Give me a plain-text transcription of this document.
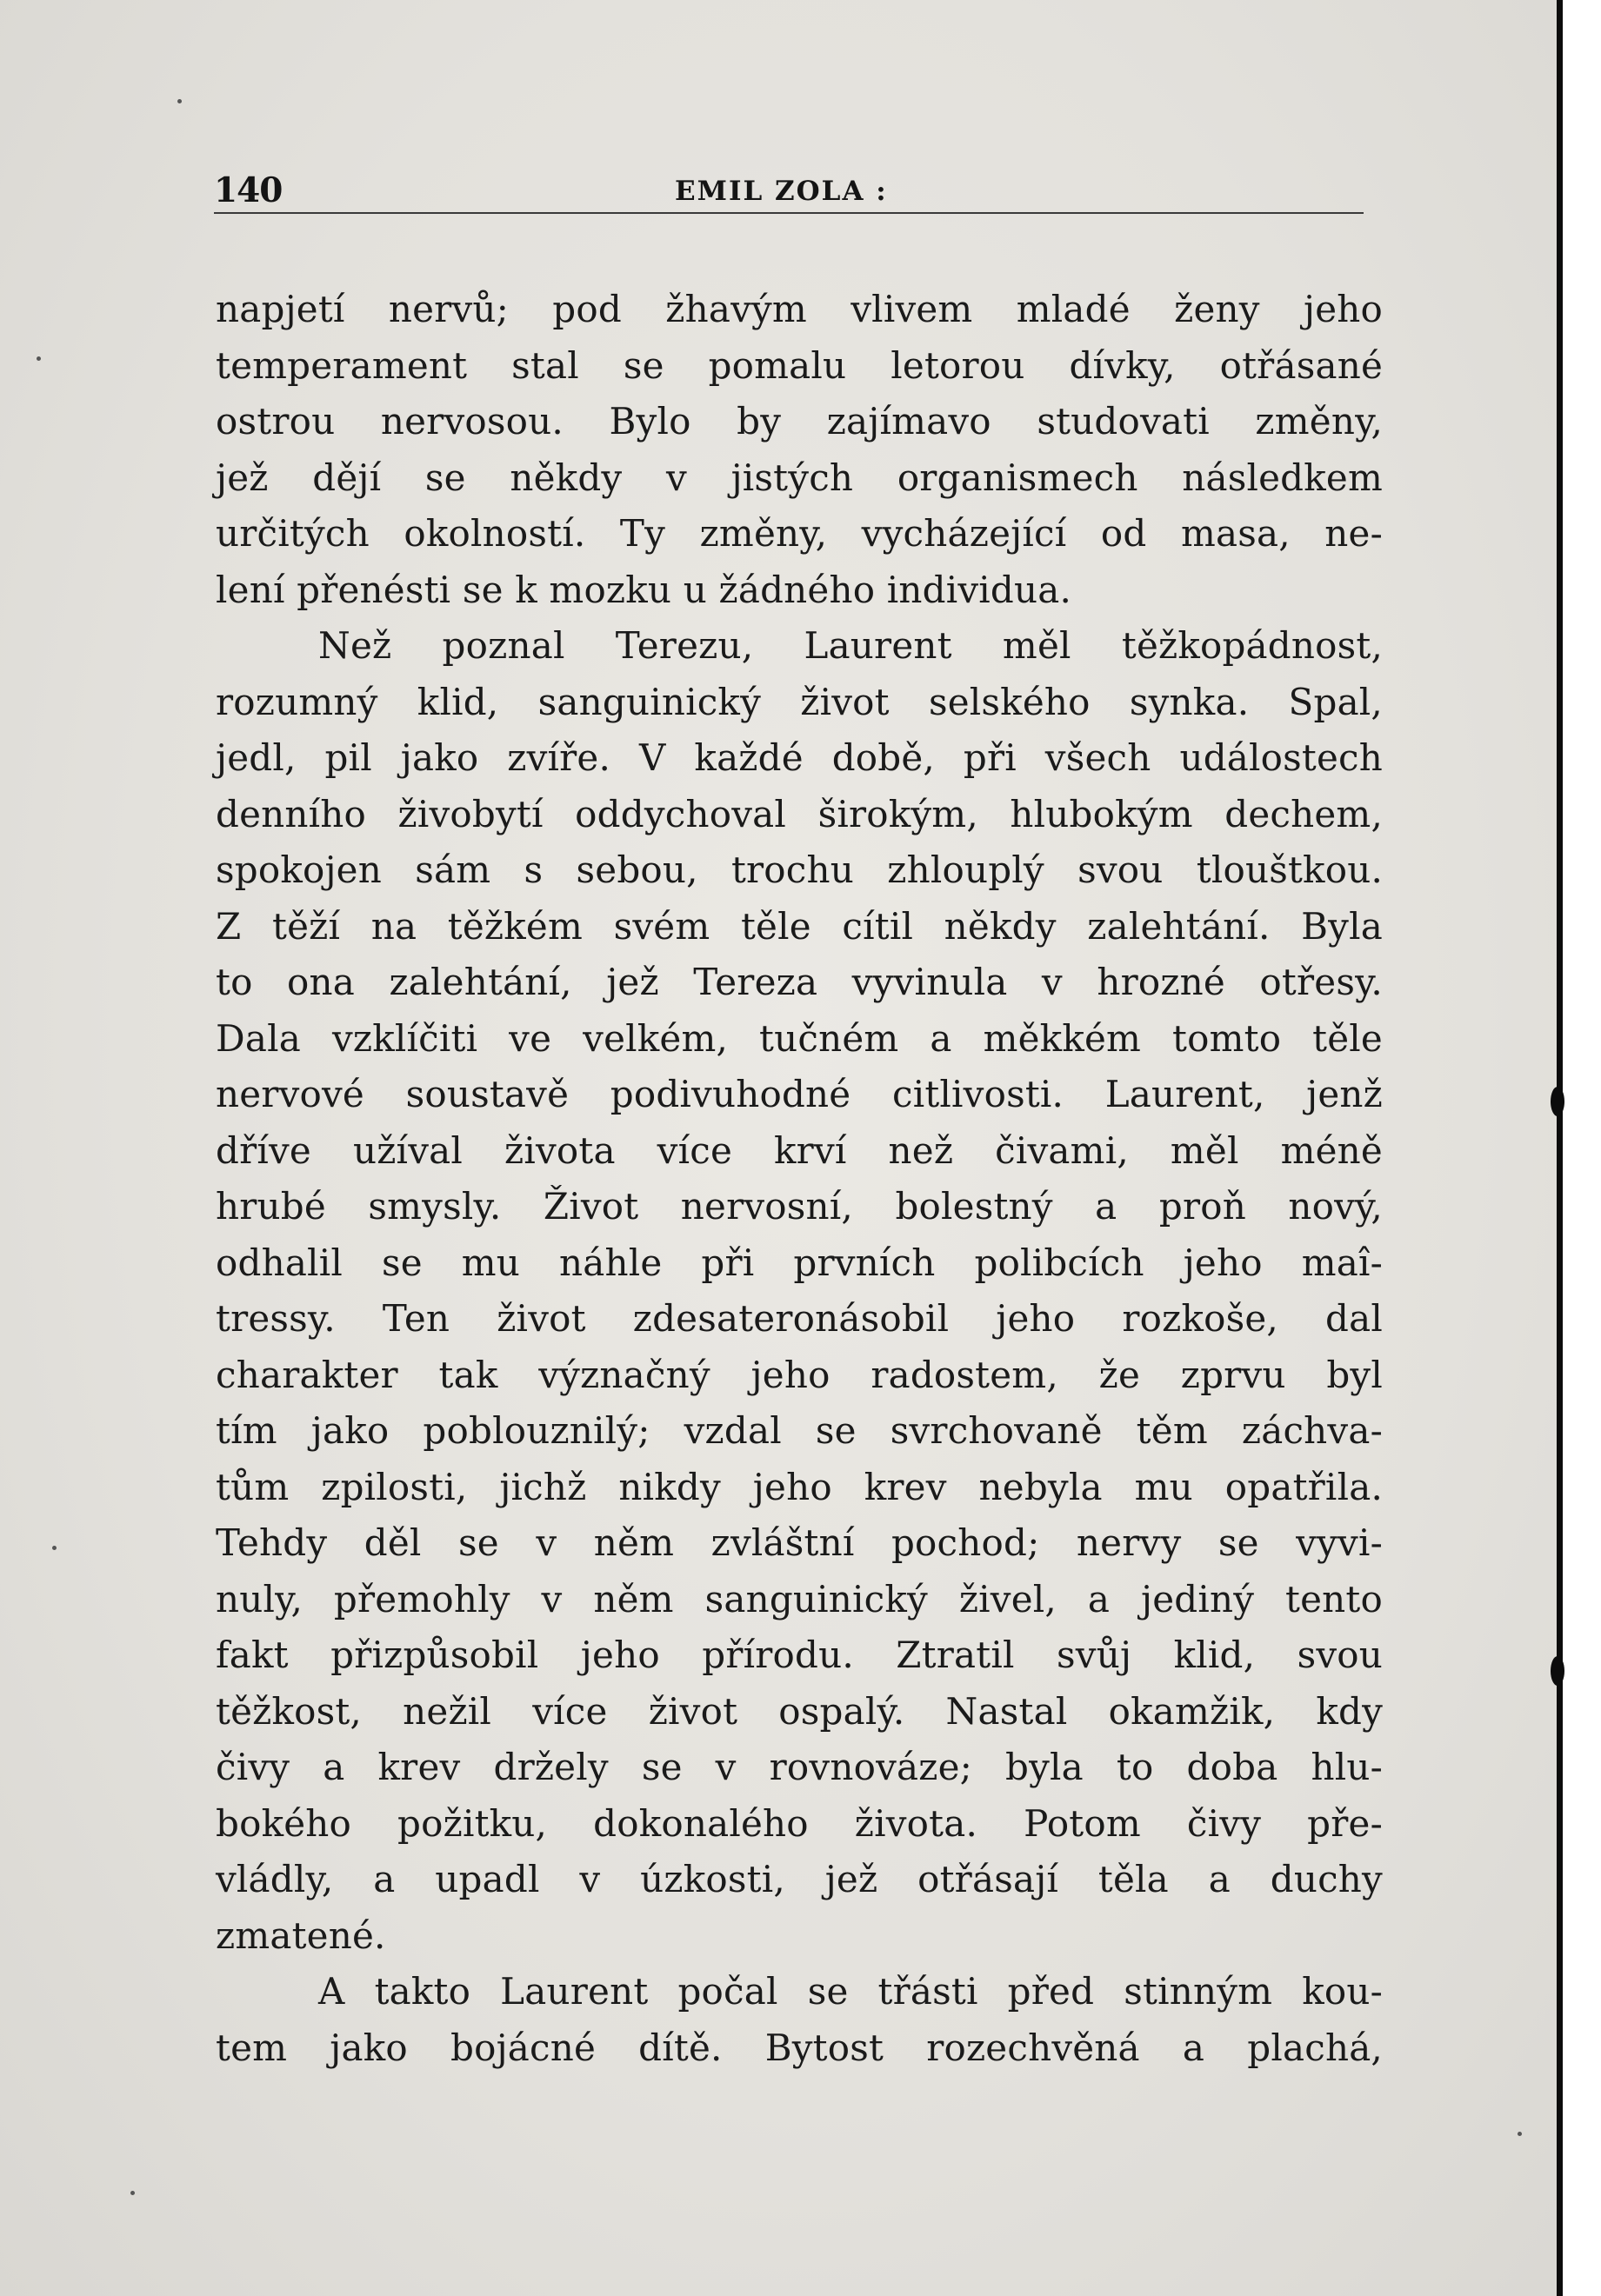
140	EMIL ZOLA :
napjetí nervů; pod žhavým vlivem mladé ženy jeho
temperament stal se pomalu letorou dívky, otřásané
ostrou nervosou. Bylo by zajímavo studovati změny,
jež dějí se někdy v jistých organismech následkem
určitých okolností. Ty změny, vycházející od masa, ne-
lení přenésti se k mozku u žádného individua.
Než poznal Terezu, Laurent měl těžkopádnost,
rozumný klid, sanguinický život selského synka. Spal,
jedl, pil jako zvíře. V každé době, při všech událostech
denního živobytí oddychoval širokým, hlubokým dechem,
spokojen sám s sebou, trochu zhlouplý svou tlouštkou.
Z těží na těžkém svém těle cítil někdy zalehtání. Byla
to ona zalehtání, jež Tereza vyvinula v hrozné otřesy.
Dala vzklíčiti ve velkém, tučném a měkkém tomto těle
nervové soustavě podivuhodné citlivosti. Laurent, jenž
dříve užíval života více krví než čivami, měl méně
hrubé smysly. Život nervosní, bolestný a proň nový,
odhalil se mu náhle při prvních polibcích jeho maî-
tressy. Ten život zdesateronásobil jeho rozkoše, dal
charakter tak význačný jeho radostem, že zprvu byl
tím jako poblouznilý; vzdal se svrchovaně těm záchva-
tům zpilosti, jichž nikdy jeho krev nebyla mu opatřila.
Tehdy děl se v něm zvláštní pochod; nervy se vyvi-
nuly, přemohly v něm sanguinický živel, a jediný tento
fakt přizpůsobil jeho přírodu. Ztratil svůj klid, svou
těžkost, nežil více život ospalý. Nastal okamžik, kdy
čivy a krev držely se v rovnováze; byla to doba hlu-
bokého požitku, dokonalého života. Potom čivy pře-
vládly, a upadl v úzkosti, jež otřásají těla a duchy
zmatené.
A takto Laurent počal se třásti před stinným kou-
tem jako bojácné dítě. Bytost rozechvěná a plachá,
